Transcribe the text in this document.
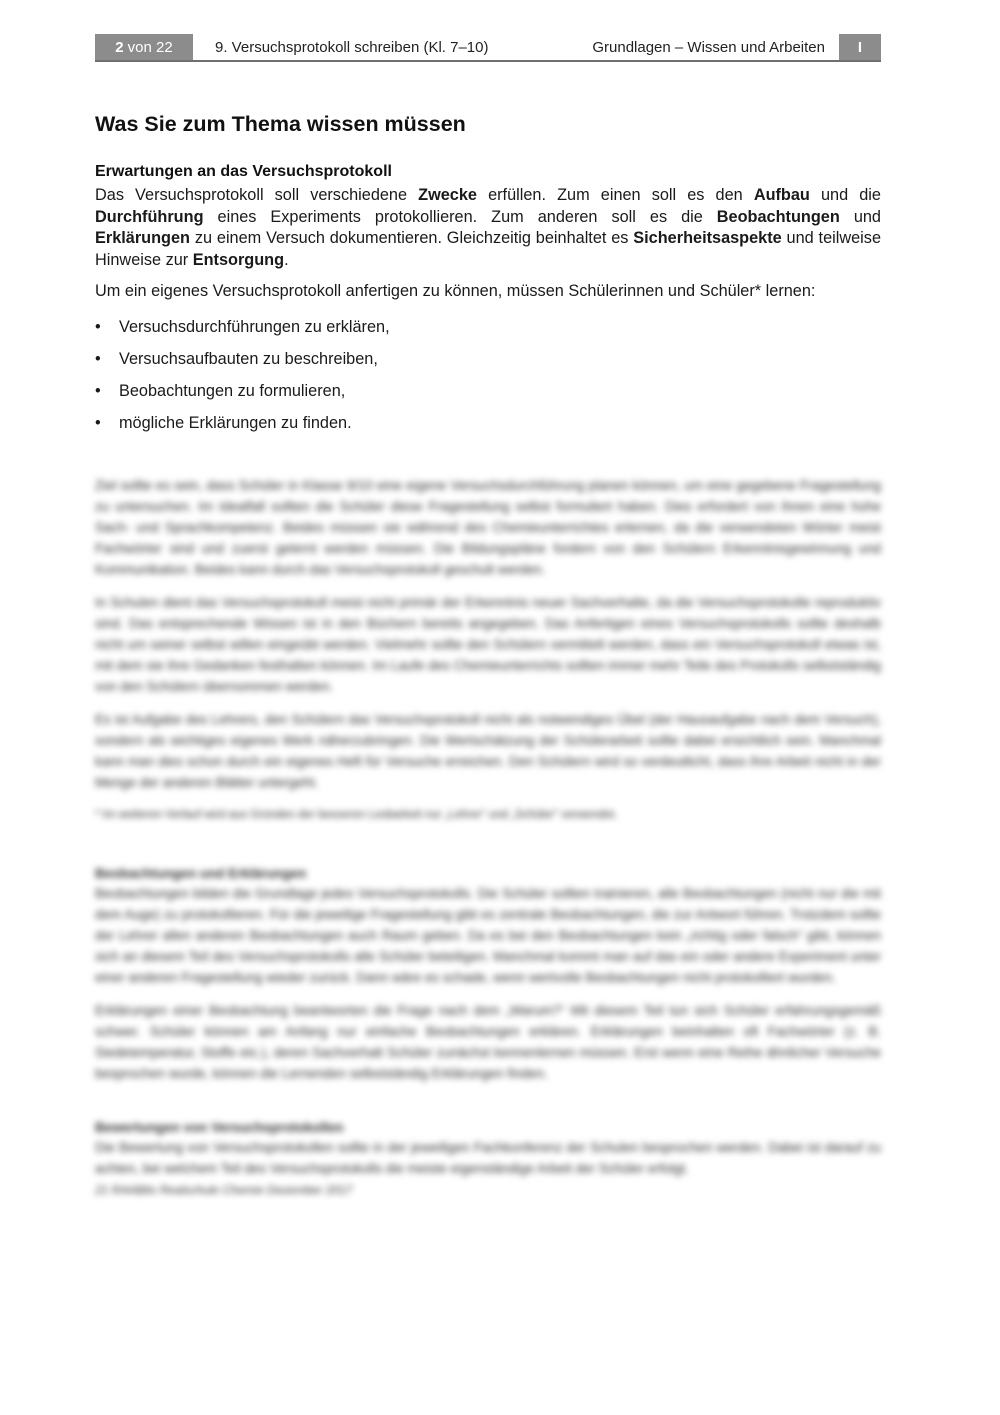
2 von 22	9. Versuchsprotokoll schreiben (Kl. 7–10)	Grundlagen – Wissen und Arbeiten	I
Was Sie zum Thema wissen müssen
Erwartungen an das Versuchsprotokoll

Das Versuchsprotokoll soll verschiedene Zwecke erfüllen. Zum einen soll es den Aufbau und die Durchführung eines Experiments protokollieren. Zum anderen soll es die Beobachtungen und Erklärungen zu einem Versuch dokumentieren. Gleichzeitig beinhaltet es Sicherheitsaspekte und teilweise Hinweise zur Entsorgung.

Um ein eigenes Versuchsprotokoll anfertigen zu können, müssen Schülerinnen und Schüler* lernen:

• Versuchsdurchführungen zu erklären,
• Versuchsaufbauten zu beschreiben,
• Beobachtungen zu formulieren,
• mögliche Erklärungen zu finden.

Ziel sollte es sein, dass Schüler in Klasse 9/10 eine eigene Versuchsdurchführung planen können, um eine gegebene Fragestellung zu untersuchen. Im Idealfall sollten die Schüler diese Fragestellung selbst formuliert haben. Dies erfordert von ihnen eine hohe Sach- und Sprachkompetenz. Beides müssen sie während des Chemieunterrichtes erlernen, da die verwendeten Wörter meist Fachwörter sind und zuerst gelernt werden müssen. Die Bildungspläne fordern von den Schülern Erkenntnisgewinnung und Kommunikation. Beides kann durch das Versuchsprotokoll geschult werden.

In Schulen dient das Versuchsprotokoll meist nicht primär der Erkenntnis neuer Sachverhalte, da die Versuchsprotokolle reproduktiv sind. Das entsprechende Wissen ist in den Büchern bereits angegeben. Das Anfertigen eines Versuchsprotokolls sollte deshalb nicht um seiner selbst willen eingeübt werden. Vielmehr sollte den Schülern vermittelt werden, dass ein Versuchsprotokoll etwas ist, mit dem sie ihre Gedanken festhalten können. Im Laufe des Chemieunterrichts sollten immer mehr Teile des Protokolls selbstständig von den Schülern übernommen werden.

Es ist Aufgabe des Lehrers, den Schülern das Versuchsprotokoll nicht als notwendiges Übel (der Hausaufgabe nach dem Versuch), sondern als wichtiges eigenes Werk näherzubringen. Die Wertschätzung der Schülerarbeit sollte dabei ersichtlich sein. Manchmal kann man dies schon durch ein eigenes Heft für Versuche erreichen. Den Schülern wird so verdeutlicht, dass ihre Arbeit nicht in der Menge der anderen Blätter untergeht.

* Im weiteren Verlauf wird aus Gründen der besseren Lesbarkeit nur „Lehrer“ und „Schüler“ verwendet.

Beobachtungen und Erklärungen

Beobachtungen bilden die Grundlage jedes Versuchsprotokolls. Die Schüler sollten trainieren, alle Beobachtungen (nicht nur die mit dem Auge) zu protokollieren. Für die jeweilige Fragestellung gibt es zentrale Beobachtungen, die zur Antwort führen. Trotzdem sollte der Lehrer allen anderen Beobachtungen auch Raum geben. Da es bei den Beobachtungen kein „richtig oder falsch“ gibt, können sich an diesem Teil des Versuchsprotokolls alle Schüler beteiligen. Manchmal kommt man auf das ein oder andere Experiment unter einer anderen Fragestellung wieder zurück. Dann wäre es schade, wenn wertvolle Beobachtungen nicht protokolliert wurden.

Erklärungen einer Beobachtung beantworten die Frage nach dem „Warum?“ Mit diesem Teil tun sich Schüler erfahrungsgemäß schwer. Schüler können am Anfang nur einfache Beobachtungen erklären. Erklärungen beinhalten oft Fachwörter (z. B. Siedetemperatur, Stoffe etc.), deren Sachverhalt Schüler zunächst kennenlernen müssen. Erst wenn eine Reihe ähnlicher Versuche besprochen wurde, können die Lernenden selbstständig Erklärungen finden.

Bewertungen von Versuchsprotokollen

Die Bewertung von Versuchsprotokollen sollte in der jeweiligen Fachkonferenz der Schulen besprochen werden. Dabei ist darauf zu achten, bei welchem Teil des Versuchsprotokolls die meiste eigenständige Arbeit der Schüler erfolgt.

21 RAABits Realschule Chemie Dezember 2017
